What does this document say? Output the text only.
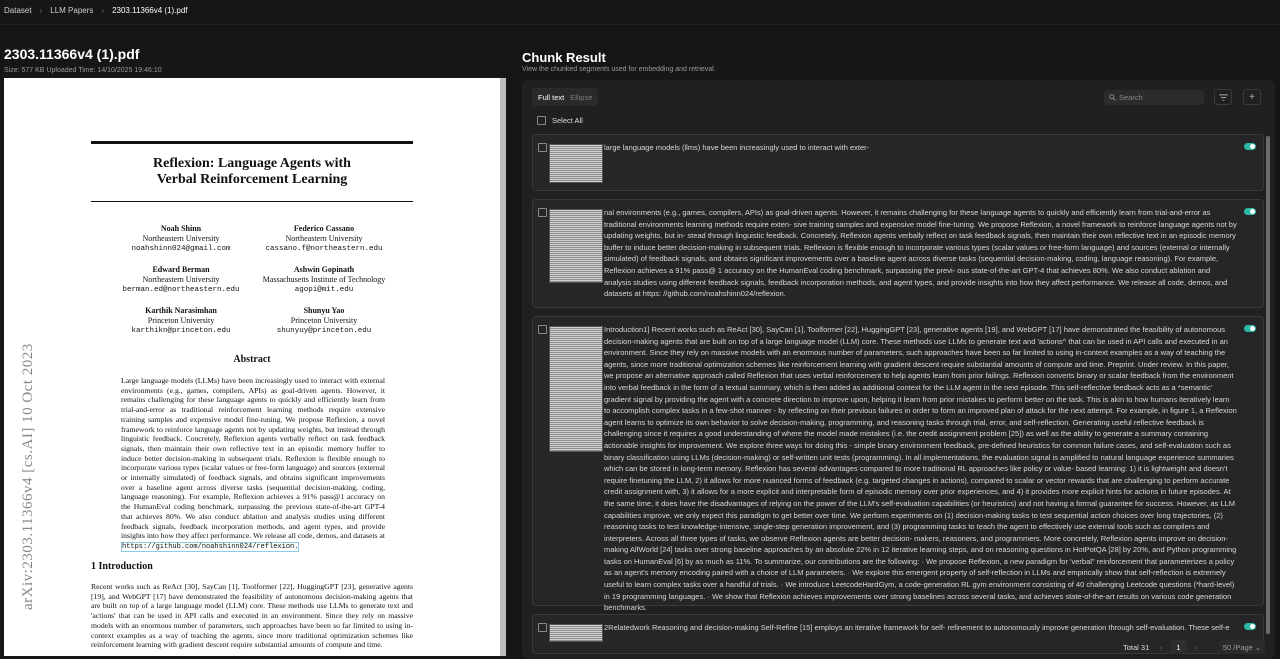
Dataset › LLM Papers › 2303.11366v4 (1).pdf
2303.11366v4 (1).pdf
Size: 577 KB Uploaded Time: 14/10/2025 19:46:10
arXiv:2303.11366v4 [cs.AI] 10 Oct 2023
Reflexion: Language Agents with
Verbal Reinforcement Learning
Noah Shinn
Northeastern University
noahshinn024@gmail.com
Federico Cassano
Northeastern University
cassano.f@northeastern.edu
Edward Berman
Northeastern University
berman.ed@northeastern.edu
Ashwin Gopinath
Massachusetts Institute of Technology
agopi@mit.edu
Karthik Narasimhan
Princeton University
karthikn@princeton.edu
Shunyu Yao
Princeton University
shunyuy@princeton.edu
Abstract
Large language models (LLMs) have been increasingly used to interact with external environments (e.g., games, compilers, APIs) as goal-driven agents. However, it remains challenging for these language agents to quickly and efficiently learn from trial-and-error as traditional reinforcement learning methods require extensive training samples and expensive model fine-tuning. We propose Reflexion, a novel framework to reinforce language agents not by updating weights, but instead through linguistic feedback. Concretely, Reflexion agents verbally reflect on task feedback signals, then maintain their own reflective text in an episodic memory buffer to induce better decision-making in subsequent trials. Reflexion is flexible enough to incorporate various types (scalar values or free-form language) and sources (external or internally simulated) of feedback signals, and obtains significant improvements over a baseline agent across diverse tasks (sequential decision-making, coding, language reasoning). For example, Reflexion achieves a 91% pass@1 accuracy on the HumanEval coding benchmark, surpassing the previous state-of-the-art GPT-4 that achieves 80%. We also conduct ablation and analysis studies using different feedback signals, feedback incorporation methods, and agent types, and provide insights into how they affect performance. We release all code, demos, and datasets at https://github.com/noahshinn024/reflexion.
1 Introduction
Recent works such as ReAct [30], SayCan [1], Toolformer [22], HuggingGPT [23], generative agents [19], and WebGPT [17] have demonstrated the feasibility of autonomous decision-making agents that are built on top of a large language model (LLM) core. These methods use LLMs to generate text and 'actions' that can be used in API calls and executed in an environment. Since they rely on massive models with an enormous number of parameters, such approaches have been so far limited to using in-context examples as a way of teaching the agents, since more traditional optimization schemes like reinforcement learning with gradient descent require substantial amounts of compute and time.
Chunk Result
View the chunked segments used for embedding and retrieval.
Full text Ellipse	Search	+
Select All
large language models (llms) have been increasingly used to interact with exter-
nal environments (e.g., games, compilers, APIs) as goal-driven agents. However, it remains challenging for these language agents to quickly and efficiently learn from trial-and-error as traditional environments learning methods require exten- sive training samples and expensive model fine-tuning. We propose Reflexion, a novel framework to reinforce language agents not by updating weights, but in- stead through linguistic feedback. Concretely, Reflexion agents verbally reflect on task feedback signals, then maintain their own reflective text in an episodic memory buffer to induce better decision-making in subsequent trials. Reflexion is flexible enough to incorporate various types (scalar values or free-form language) and sources (external or internally simulated) of feedback signals, and obtains significant improvements over a baseline agent across diverse tasks (sequential decision-making, coding, language reasoning). For example, Reflexion achieves a 91% pass@ 1 accuracy on the HumanEval coding benchmark, surpassing the previ- ous state-of-the-art GPT-4 that achieves 80%. We also conduct ablation and analysis studies using different feedback signals, feedback incorporation methods, and agent types, and provide insights into how they affect performance. We release all code, demos, and datasets at https: //github.com/noahshinn024/reflexion.
Introduction1] Recent works such as ReAct [30], SayCan [1], Toolformer [22], HuggingGPT [23], generative agents [19], and WebGPT [17] have demonstrated the feasibility of autonomous decision-making agents that are built on top of a large language model (LLM) core. These methods use LLMs to generate text and 'actions^ that can be used in API calls and executed in an environment. Since they rely on massive models with an enormous number of parameters, such approaches have been so far limited to using in-context examples as a way of teaching the agents, since more traditional optimization schemes like reinforcement learning with gradient descent require substantial amounts of compute and time. Preprint. Under review. In this paper, we propose an alternative approach called Reflexion that uses verbal reinforcement to help agents learn from prior failings. Reflexion converts binary or scalar feedback from the environment into verbal feedback in the form of a textual summary, which is then added as additional context for the LLM agent in the next episode. This self-reflective feedback acts as a *semantic' gradient signal by providing the agent with a concrete direction to improve upon, helping it learn from prior mistakes to perform better on the task. This is akin to how humans iteratively learn to accomplish complex tasks in a few-shot manner - by reflecting on their previous failures in order to form an improved plan of attack for the next attempt. For example, in figure 1, a Reflexion agent learns to optimize its own behavior to solve decision-making, programming, and reasoning tasks through trial, error, and self-reflection. Generating useful reflective feedback is challenging since it requires a good understanding of where the model made mistakes (i.e. the credit assignment problem [25]) as well as the ability to generate a summary containing actionable insights for improvement. We explore three ways for doing this - simple binary environment feedback, pre-defined heuristics for common failure cases, and self-evaluation such as binary classification using LLMs (decision-making) or self-written unit tests (programming). In all implementations, the evaluation signal is amplified to natural language experience summaries which can be stored in long-term memory. Reflexion has several advantages compared to more traditional RL approaches like policy or value- based learning: 1) it is lightweight and doesn't require finetuning the LLM, 2) it allows for more nuanced forms of feedback (e.g. targeted changes in actions), compared to scalar or vector rewards that are challenging to perform accurate credit assignment with, 3) it allows for a more explicit and interpretable form of episodic memory over prior experiences, and 4) it provides more explicit hints for actions in future episodes. At the same time, it does have the disadvantages of relying on the power of the LLM's self-evaluation capabilities (or heuristics) and not having a formal guarantee for success. However, as LLM capabilities improve, we only expect this paradigm to get better over time. We perform experiments on (1) decision-making tasks to test sequential action choices over long trajectories, (2) reasoning tasks to test knowledge-intensive, single-step generation improvement, and (3) programming tasks to teach the agent to effectively use external tools such as compilers and interpreters. Across all three types of tasks, we observe Reflexion agents are better decision- makers, reasoners, and programmers. More concretely, Reflexion agents improve on decision-making AlfWorld [24] tasks over strong baseline approaches by an absolute 22% in 12 iterative learning steps, and on reasoning questions in HotPotQA [28] by 20%, and Python programming tasks on HumanEval [6] by as much as 11%. To summarize, our contributions are the following: · We propose Reflexion, a new paradigm for 'verbal" reinforcement that parameterizes a policy as an agent's memory encoding paired with a choice of LLM parameters. · We explore this emergent property of self-reflection in LLMs and empirically show that self-reflection is extremely useful to learn complex tasks over a handful of trials. · We introduce LeetcodeHardGym, a code-generation RL gym environment consisting of 40 challenging Leetcode questions (*hard-level) in 19 programming languages. · We show that Reflexion achieves improvements over strong baselines across several tasks, and achieves state-of-the-art results on various code generation benchmarks.
2Relatedwork Reasoning and decision-making Self-Refine [15] employs an iterative framework for self- refinement to autonomously improve generation through self-evaluation. These self-e
Total 31 ‹	1	›	50 /Page ⌄
